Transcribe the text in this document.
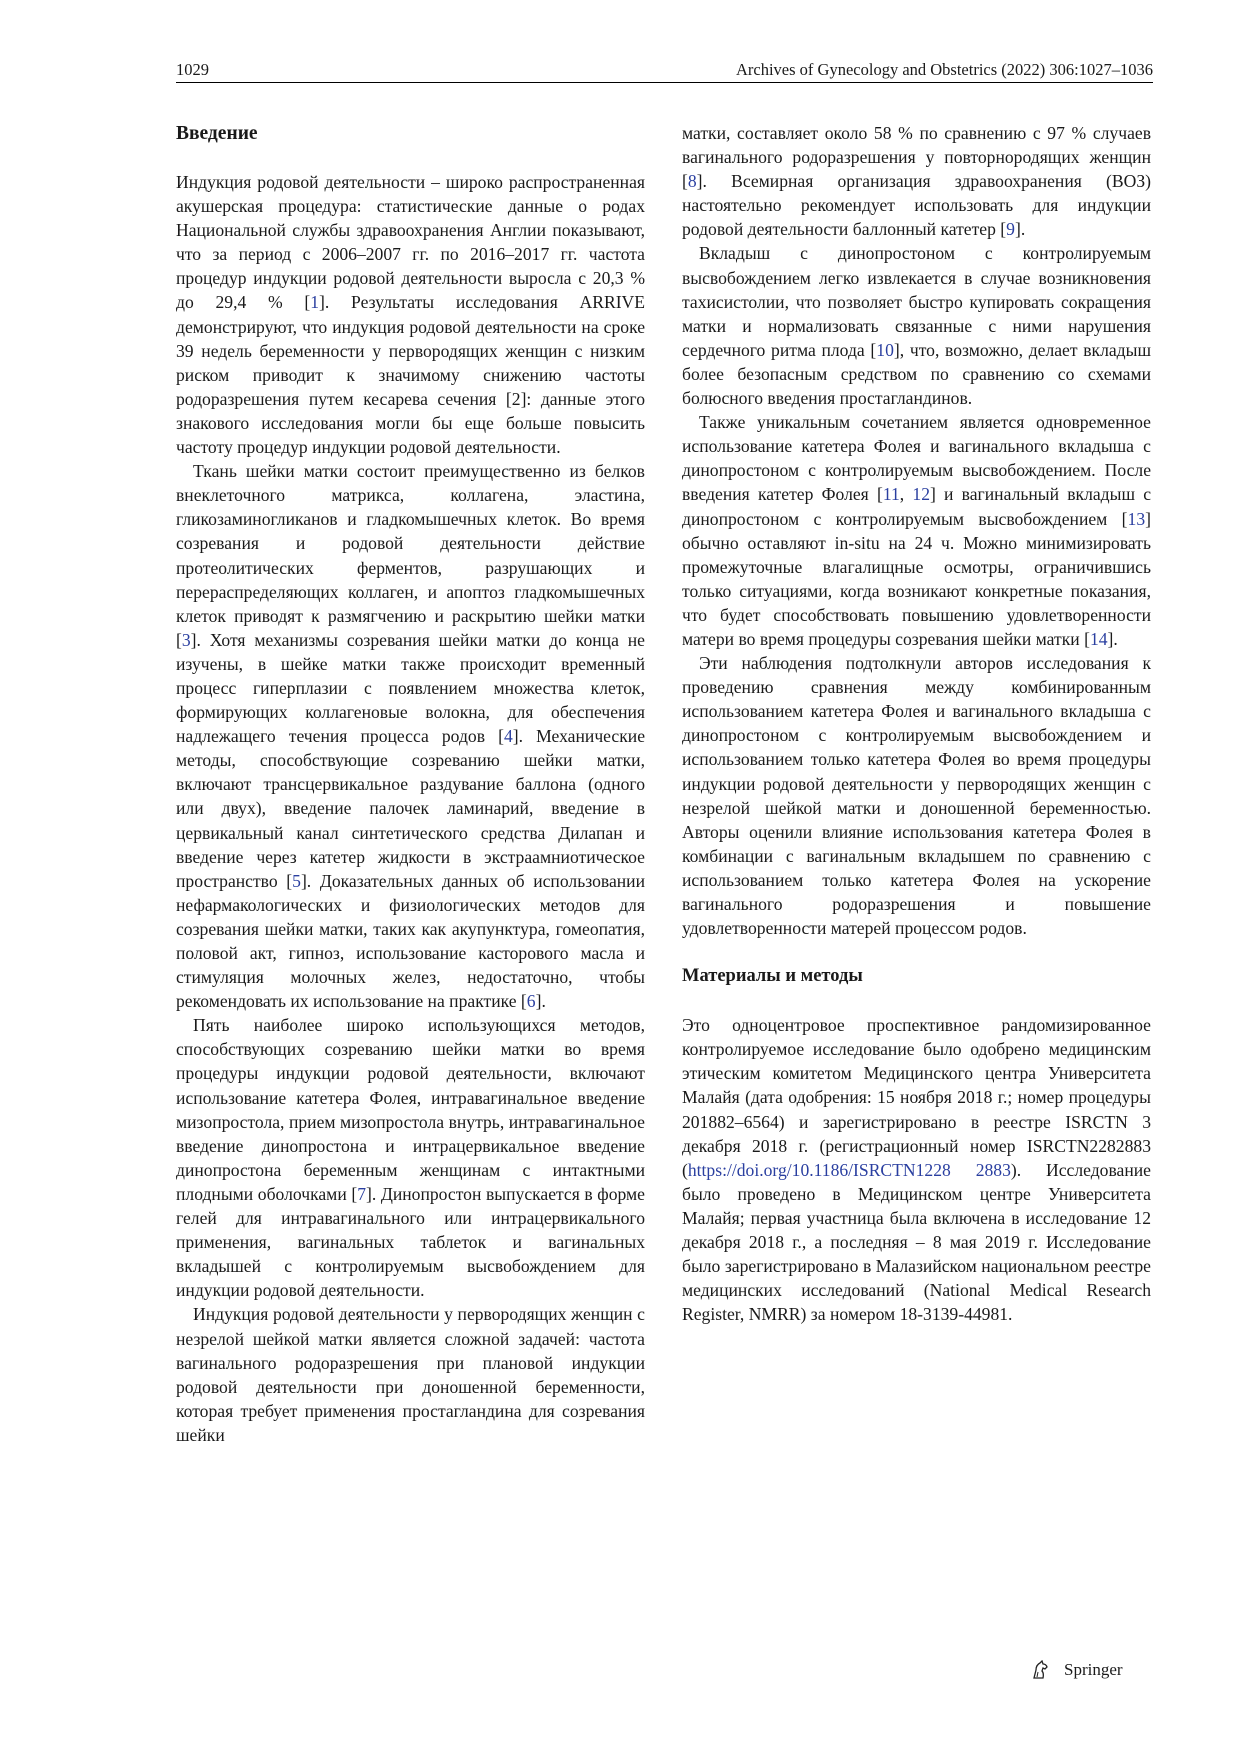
1029	Archives of Gynecology and Obstetrics (2022) 306:1027–1036
Введение

Индукция родовой деятельности – широко распространенная акушерская процедура: статистические данные о родах Национальной службы здравоохранения Англии показывают, что за период с 2006–2007 гг. по 2016–2017 гг. частота процедур индукции родовой деятельности выросла с 20,3 % до 29,4 % [1]. Результаты исследования ARRIVE демонстрируют, что индукция родовой деятельности на сроке 39 недель беременности у первородящих женщин с низким риском приводит к значимому снижению частоты родоразрешения путем кесарева сечения [2]: данные этого знакового исследования могли бы еще больше повысить частоту процедур индукции родовой деятельности.

Ткань шейки матки состоит преимущественно из белков внеклеточного матрикса, коллагена, эластина, гликозаминогликанов и гладкомышечных клеток. Во время созревания и родовой деятельности действие протеолитических ферментов, разрушающих и перераспределяющих коллаген, и апоптоз гладкомышечных клеток приводят к размягчению и раскрытию шейки матки [3]. Хотя механизмы созревания шейки матки до конца не изучены, в шейке матки также происходит временный процесс гиперплазии с появлением множества клеток, формирующих коллагеновые волокна, для обеспечения надлежащего течения процесса родов [4]. Механические методы, способствующие созреванию шейки матки, включают трансцервикальное раздувание баллона (одного или двух), введение палочек ламинарий, введение в цервикальный канал синтетического средства Дилапан и введение через катетер жидкости в экстраамниотическое пространство [5]. Доказательных данных об использовании нефармакологических и физиологических методов для созревания шейки матки, таких как акупунктура, гомеопатия, половой акт, гипноз, использование касторового масла и стимуляция молочных желез, недостаточно, чтобы рекомендовать их использование на практике [6].

Пять наиболее широко использующихся методов, способствующих созреванию шейки матки во время процедуры индукции родовой деятельности, включают использование катетера Фолея, интравагинальное введение мизопростола, прием мизопростола внутрь, интравагинальное введение динопростона и интрацервикальное введение динопростона беременным женщинам с интактными плодными оболочками [7]. Динопростон выпускается в форме гелей для интравагинального или интрацервикального применения, вагинальных таблеток и вагинальных вкладышей с контролируемым высвобождением для индукции родовой деятельности.

Индукция родовой деятельности у первородящих женщин с незрелой шейкой матки является сложной задачей: частота вагинального родоразрешения при плановой индукции родовой деятельности при доношенной беременности, которая требует применения простагландина для созревания шейки

матки, составляет около 58 % по сравнению с 97 % случаев вагинального родоразрешения у повторнородящих женщин [8]. Всемирная организация здравоохранения (ВОЗ) настоятельно рекомендует использовать для индукции родовой деятельности баллонный катетер [9].

Вкладыш с динопростоном с контролируемым высвобождением легко извлекается в случае возникновения тахисистолии, что позволяет быстро купировать сокращения матки и нормализовать связанные с ними нарушения сердечного ритма плода [10], что, возможно, делает вкладыш более безопасным средством по сравнению со схемами болюсного введения простагландинов.

Также уникальным сочетанием является одновременное использование катетера Фолея и вагинального вкладыша с динопростоном с контролируемым высвобождением. После введения катетер Фолея [11, 12] и вагинальный вкладыш с динопростоном с контролируемым высвобождением [13] обычно оставляют in-situ на 24 ч. Можно минимизировать промежуточные влагалищные осмотры, ограничившись только ситуациями, когда возникают конкретные показания, что будет способствовать повышению удовлетворенности матери во время процедуры созревания шейки матки [14].

Эти наблюдения подтолкнули авторов исследования к проведению сравнения между комбинированным использованием катетера Фолея и вагинального вкладыша с динопростоном с контролируемым высвобождением и использованием только катетера Фолея во время процедуры индукции родовой деятельности у первородящих женщин с незрелой шейкой матки и доношенной беременностью. Авторы оценили влияние использования катетера Фолея в комбинации с вагинальным вкладышем по сравнению с использованием только катетера Фолея на ускорение вагинального родоразрешения и повышение удовлетворенности матерей процессом родов.

Материалы и методы

Это одноцентровое проспективное рандомизированное контролируемое исследование было одобрено медицинским этическим комитетом Медицинского центра Университета Малайя (дата одобрения: 15 ноября 2018 г.; номер процедуры 201882–6564) и зарегистрировано в реестре ISRCTN 3 декабря 2018 г. (регистрационный номер ISRCTN2282883 (https://doi.org/10.1186/ISRCTN1228 2883). Исследование было проведено в Медицинском центре Университета Малайя; первая участница была включена в исследование 12 декабря 2018 г., а последняя – 8 мая 2019 г. Исследование было зарегистрировано в Малазийском национальном реестре медицинских исследований (National Medical Research Register, NMRR) за номером 18-3139-44981.

Springer
